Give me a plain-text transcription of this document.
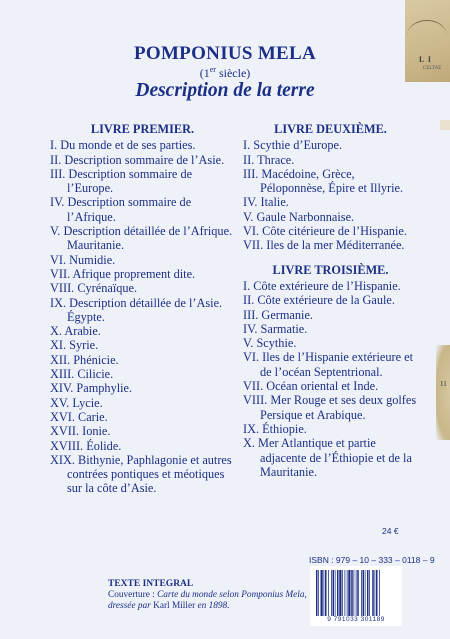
L I
CELTAE
11
POMPONIUS MELA
(1er siècle)
Description de la terre
LIVRE PREMIER.
I. Du monde et de ses parties.
II. Description sommaire de l’Asie.
III. Description sommaire de l’Europe.
IV. Description sommaire de l’Afrique.
V. Description détaillée de l’Afrique. Mauritanie.
VI. Numidie.
VII. Afrique proprement dite.
VIII. Cyrénaïque.
IX. Description détaillée de l’Asie. Égypte.
X. Arabie.
XI. Syrie.
XII. Phénicie.
XIII. Cilicie.
XIV. Pamphylie.
XV. Lycie.
XVI. Carie.
XVII. Ionie.
XVIII. Éolide.
XIX. Bithynie, Paphlagonie et autres contrées pontiques et méotiques sur la côte d’Asie.
LIVRE DEUXIÈME.
I. Scythie d’Europe.
II. Thrace.
III. Macédoine, Grèce, Péloponnèse, Épire et Illyrie.
IV. Italie.
V. Gaule Narbonnaise.
VI. Côte citérieure de l’Hispanie.
VII. Iles de la mer Méditerranée.
LIVRE TROISIÈME.
I. Côte extérieure de l’Hispanie.
II. Côte extérieure de la Gaule.
III. Germanie.
IV. Sarmatie.
V. Scythie.
VI. Iles de l’Hispanie extérieure et de l’océan Septentrional.
VII. Océan oriental et Inde.
VIII. Mer Rouge et ses deux golfes Persique et Arabique.
IX. Éthiopie.
X. Mer Atlantique et partie adjacente de l’Éthiopie et de la Mauritanie.
24 €
ISBN : 979 – 10 – 333 – 0118 – 9
9 791033 301189
TEXTE INTEGRAL
Couverture : Carte du monde selon Pomponius Mela, dressée par Karl Miller en 1898.
